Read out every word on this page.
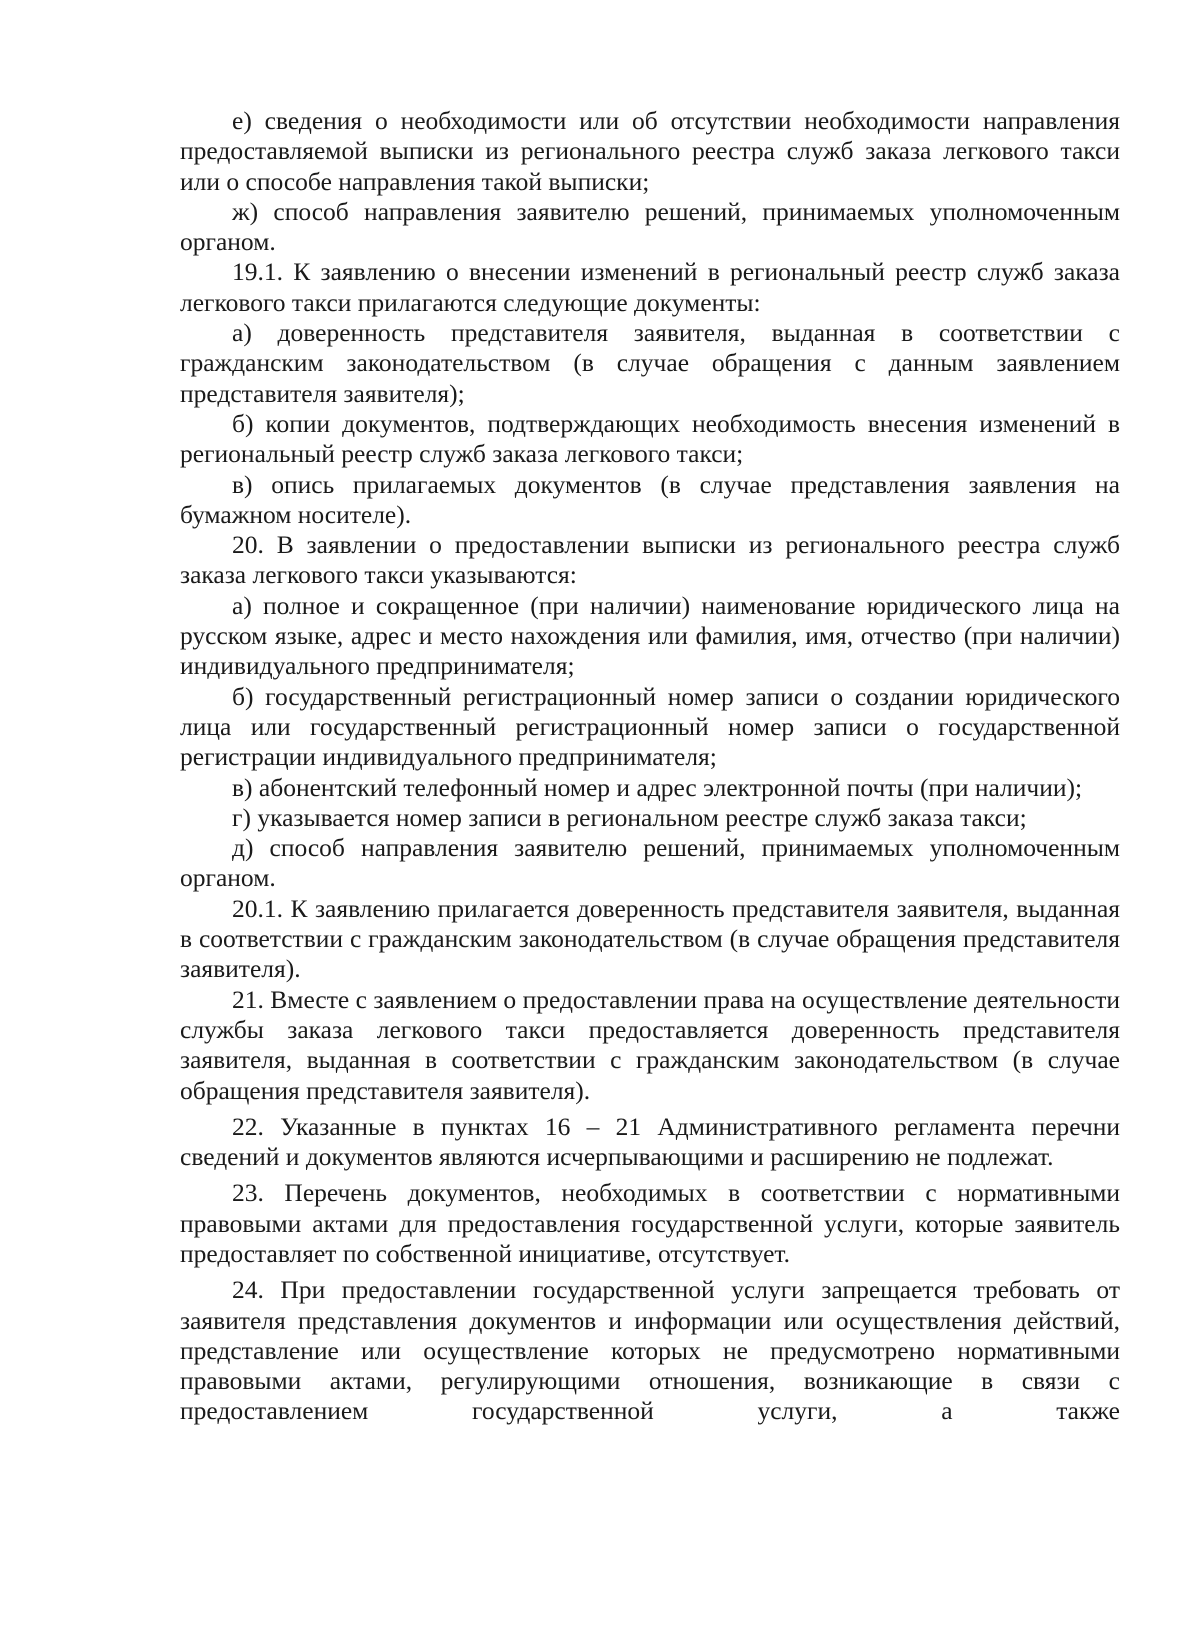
е) сведения о необходимости или об отсутствии необходимости направления предоставляемой выписки из регионального реестра служб заказа легкового такси или о способе направления такой выписки;

ж) способ направления заявителю решений, принимаемых уполномоченным органом.

19.1. К заявлению о внесении изменений в региональный реестр служб заказа легкового такси прилагаются следующие документы:

а) доверенность представителя заявителя, выданная в соответствии с гражданским законодательством (в случае обращения с данным заявлением представителя заявителя);

б) копии документов, подтверждающих необходимость внесения изменений в региональный реестр служб заказа легкового такси;

в) опись прилагаемых документов (в случае представления заявления на бумажном носителе).

20. В заявлении о предоставлении выписки из регионального реестра служб заказа легкового такси указываются:

а) полное и сокращенное (при наличии) наименование юридического лица на русском языке, адрес и место нахождения или фамилия, имя, отчество (при наличии) индивидуального предпринимателя;

б) государственный регистрационный номер записи о создании юридического лица или государственный регистрационный номер записи о государственной регистрации индивидуального предпринимателя;

в) абонентский телефонный номер и адрес электронной почты (при наличии);

г) указывается номер записи в региональном реестре служб заказа такси;

д) способ направления заявителю решений, принимаемых уполномоченным органом.

20.1. К заявлению прилагается доверенность представителя заявителя, выданная в соответствии с гражданским законодательством (в случае обращения представителя заявителя).

21. Вместе с заявлением о предоставлении права на осуществление деятельности службы заказа легкового такси предоставляется доверенность представителя заявителя, выданная в соответствии с гражданским законодательством (в случае обращения представителя заявителя).

22. Указанные в пунктах 16 – 21 Административного регламента перечни сведений и документов являются исчерпывающими и расширению не подлежат.

23. Перечень документов, необходимых в соответствии с нормативными правовыми актами для предоставления государственной услуги, которые заявитель предоставляет по собственной инициативе, отсутствует.

24. При предоставлении государственной услуги запрещается требовать от заявителя представления документов и информации или осуществления действий, представление или осуществление которых не предусмотрено нормативными правовыми актами, регулирующими отношения, возникающие в связи с предоставлением государственной услуги, а также
